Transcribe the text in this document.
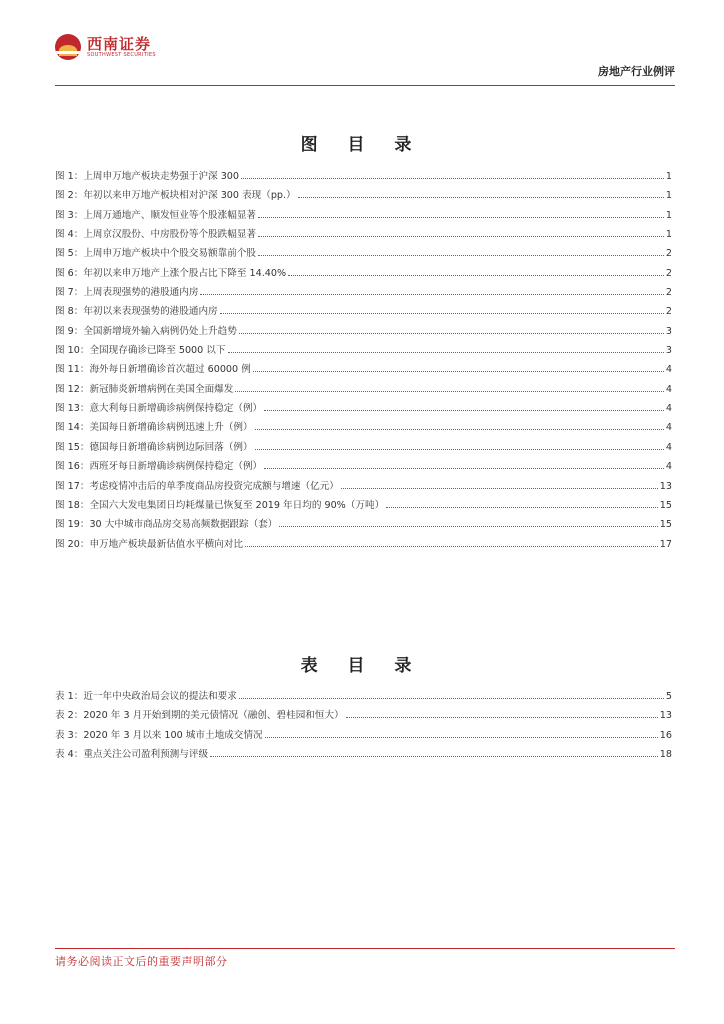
西南证券
SOUTHWEST SECURITIES
房地产行业例评
图 目 录
图 1：上周申万地产板块走势强于沪深 300	1
图 2：年初以来申万地产板块相对沪深 300 表现（pp.）	1
图 3：上周万通地产、顺发恒业等个股涨幅显著	1
图 4：上周京汉股份、中房股份等个股跌幅显著	1
图 5：上周申万地产板块中个股交易额靠前个股	2
图 6：年初以来申万地产上涨个股占比下降至 14.40%	2
图 7：上周表现强势的港股通内房	2
图 8：年初以来表现强势的港股通内房	2
图 9：全国新增境外输入病例仍处上升趋势	3
图 10：全国现存确诊已降至 5000 以下	3
图 11：海外每日新增确诊首次超过 60000 例	4
图 12：新冠肺炎新增病例在美国全面爆发	4
图 13：意大利每日新增确诊病例保持稳定（例）	4
图 14：美国每日新增确诊病例迅速上升（例）	4
图 15：德国每日新增确诊病例边际回落（例）	4
图 16：西班牙每日新增确诊病例保持稳定（例）	4
图 17：考虑疫情冲击后的单季度商品房投资完成额与增速（亿元）	13
图 18：全国六大发电集团日均耗煤量已恢复至 2019 年日均的 90%（万吨）	15
图 19：30 大中城市商品房交易高频数据跟踪（套）	15
图 20：申万地产板块最新估值水平横向对比	17
表 目 录
表 1：近一年中央政治局会议的提法和要求	5
表 2：2020 年 3 月开始到期的美元债情况（融创、碧桂园和恒大）	13
表 3：2020 年 3 月以来 100 城市土地成交情况	16
表 4：重点关注公司盈利预测与评级	18
请务必阅读正文后的重要声明部分
